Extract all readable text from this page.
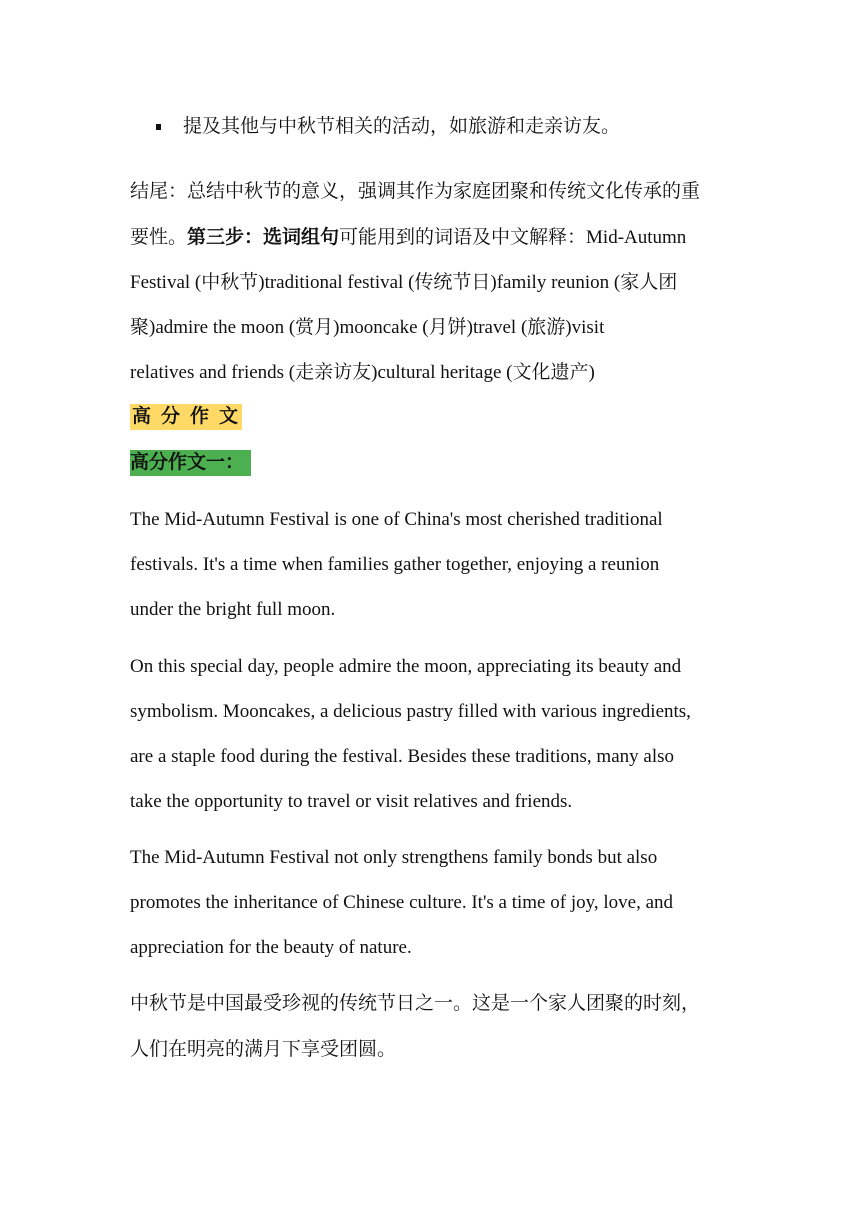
提及其他与中秋节相关的活动，如旅游和走亲访友。
结尾：总结中秋节的意义，强调其作为家庭团聚和传统文化传承的重
要性。第三步：选词组句可能用到的词语及中文解释：Mid-Autumn
Festival (中秋节)traditional festival (传统节日)family reunion (家人团
聚)admire the moon (赏月)mooncake (月饼)travel (旅游)visit
relatives and friends (走亲访友)cultural heritage (文化遗产)
高分作文
高分作文一：
The Mid-Autumn Festival is one of China's most cherished traditional
festivals. It's a time when families gather together, enjoying a reunion
under the bright full moon.
On this special day, people admire the moon, appreciating its beauty and
symbolism. Mooncakes, a delicious pastry filled with various ingredients,
are a staple food during the festival. Besides these traditions, many also
take the opportunity to travel or visit relatives and friends.
The Mid-Autumn Festival not only strengthens family bonds but also
promotes the inheritance of Chinese culture. It's a time of joy, love, and
appreciation for the beauty of nature.
中秋节是中国最受珍视的传统节日之一。这是一个家人团聚的时刻，
人们在明亮的满月下享受团圆。
